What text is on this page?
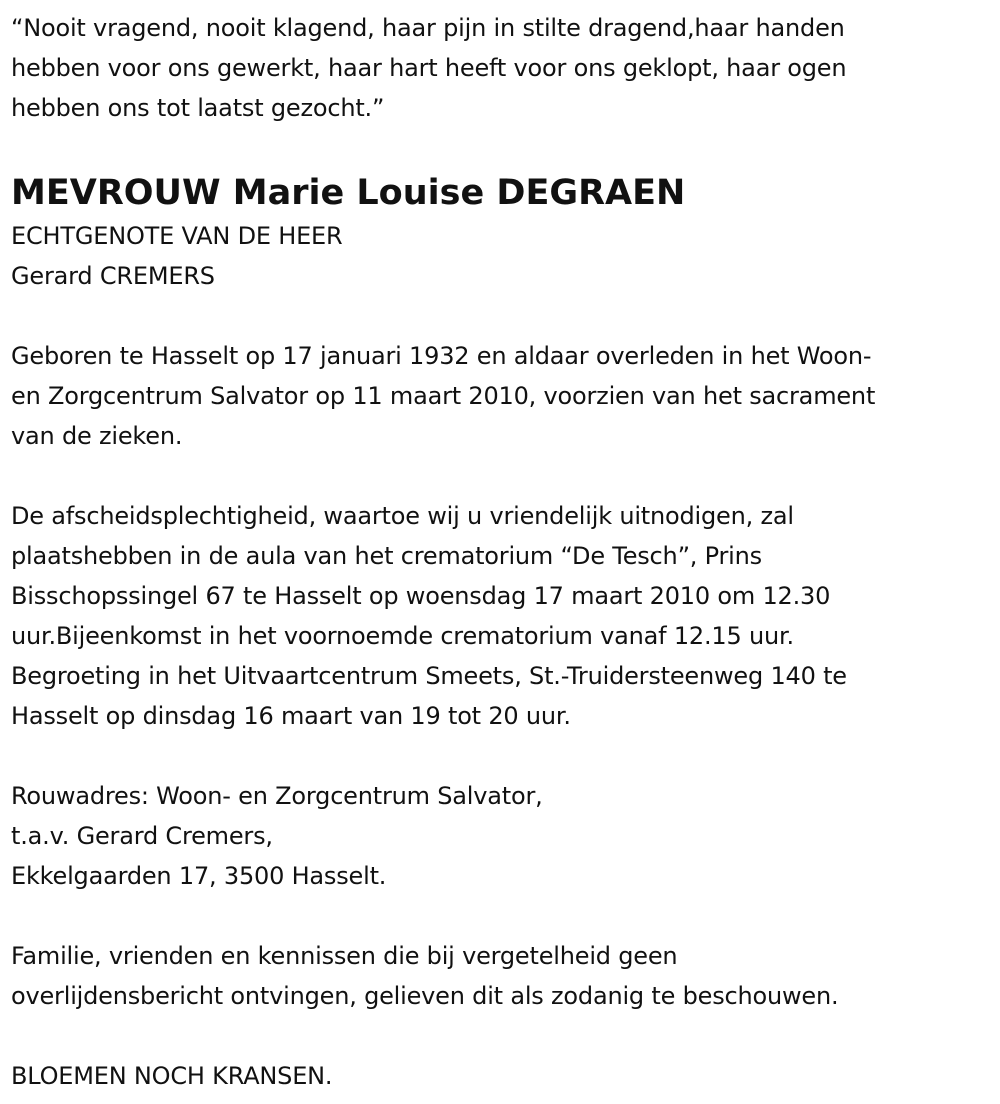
“Nooit vragend, nooit klagend, haar pijn in stilte dragend,haar handen
hebben voor ons gewerkt, haar hart heeft voor ons geklopt, haar ogen
hebben ons tot laatst gezocht.”
MEVROUW Marie Louise DEGRAEN
ECHTGENOTE VAN DE HEER
Gerard CREMERS
Geboren te Hasselt op 17 januari 1932 en aldaar overleden in het Woon-
en Zorgcentrum Salvator op 11 maart 2010, voorzien van het sacrament
van de zieken.
De afscheidsplechtigheid, waartoe wij u vriendelijk uitnodigen, zal
plaatshebben in de aula van het crematorium “De Tesch”, Prins
Bisschopssingel 67 te Hasselt op woensdag 17 maart 2010 om 12.30
uur.Bijeenkomst in het voornoemde crematorium vanaf 12.15 uur.
Begroeting in het Uitvaartcentrum Smeets, St.-Truidersteenweg 140 te
Hasselt op dinsdag 16 maart van 19 tot 20 uur.
Rouwadres: Woon- en Zorgcentrum Salvator,
t.a.v. Gerard Cremers,
Ekkelgaarden 17, 3500 Hasselt.
Familie, vrienden en kennissen die bij vergetelheid geen
overlijdensbericht ontvingen, gelieven dit als zodanig te beschouwen.
BLOEMEN NOCH KRANSEN.
